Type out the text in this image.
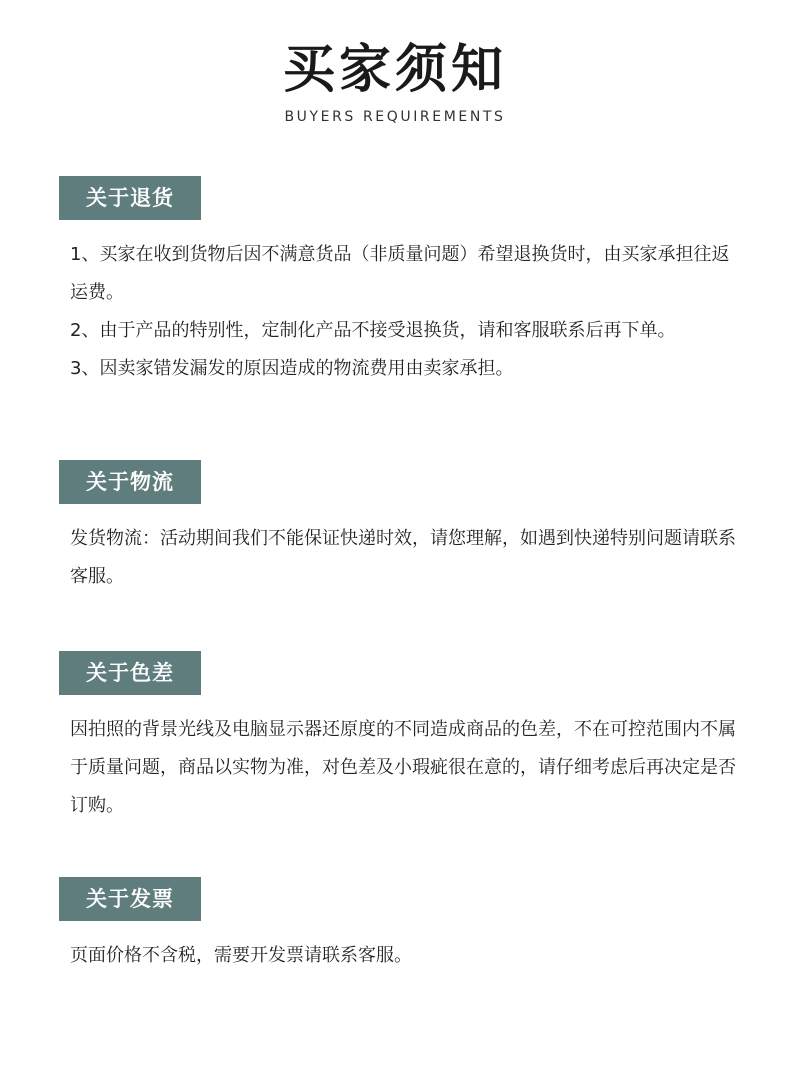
买家须知
BUYERS REQUIREMENTS
关于退货

1、买家在收到货物后因不满意货品（非质量问题）希望退换货时，由买家承担往返运费。

2、由于产品的特别性，定制化产品不接受退换货，请和客服联系后再下单。

3、因卖家错发漏发的原因造成的物流费用由卖家承担。

关于物流

发货物流：活动期间我们不能保证快递时效，请您理解，如遇到快递特别问题请联系客服。

关于色差

因拍照的背景光线及电脑显示器还原度的不同造成商品的色差，不在可控范围内不属于质量问题，商品以实物为准，对色差及小瑕疵很在意的，请仔细考虑后再决定是否订购。

关于发票

页面价格不含税，需要开发票请联系客服。
